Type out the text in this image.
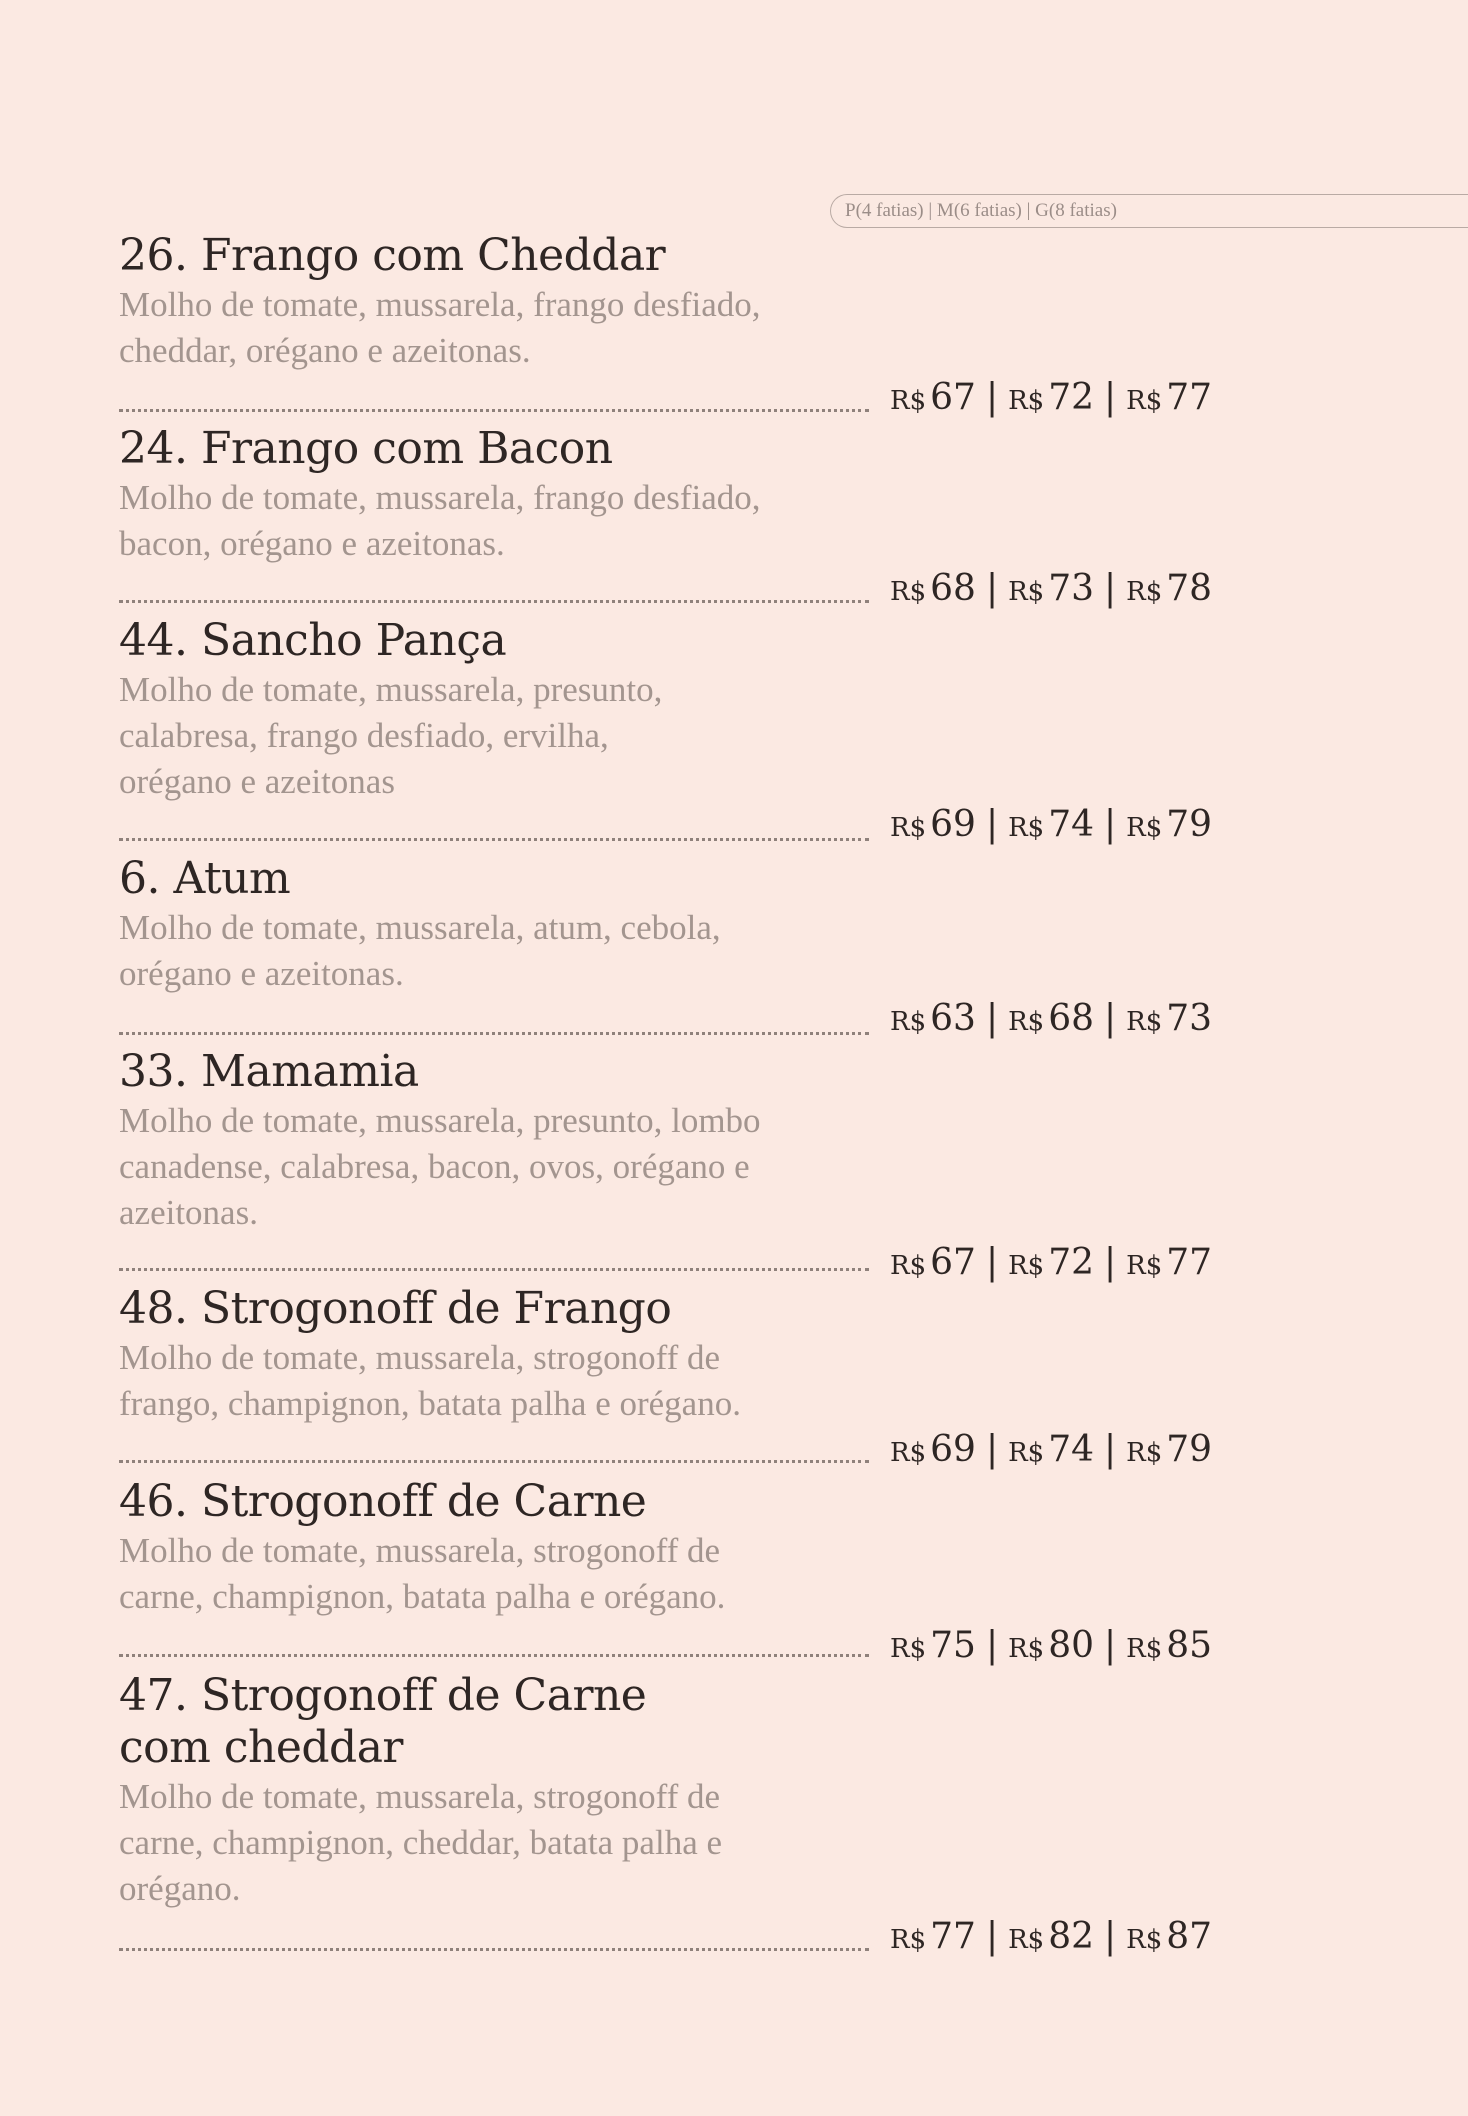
P(4 fatias) | M(6 fatias) | G(8 fatias)
26. Frango com Cheddar
Molho de tomate, mussarela, frango desfiado,
cheddar, orégano e azeitonas.
R$ 67 | R$ 72 | R$ 77
24. Frango com Bacon
Molho de tomate, mussarela, frango desfiado,
bacon, orégano e azeitonas.
R$ 68 | R$ 73 | R$ 78
44. Sancho Pança
Molho de tomate, mussarela, presunto,
calabresa, frango desfiado, ervilha,
orégano e azeitonas
R$ 69 | R$ 74 | R$ 79
6. Atum
Molho de tomate, mussarela, atum, cebola,
orégano e azeitonas.
R$ 63 | R$ 68 | R$ 73
33. Mamamia
Molho de tomate, mussarela, presunto, lombo
canadense, calabresa, bacon, ovos, orégano e
azeitonas.
R$ 67 | R$ 72 | R$ 77
48. Strogonoff de Frango
Molho de tomate, mussarela, strogonoff de
frango, champignon, batata palha e orégano.
R$ 69 | R$ 74 | R$ 79
46. Strogonoff de Carne
Molho de tomate, mussarela, strogonoff de
carne, champignon, batata palha e orégano.
R$ 75 | R$ 80 | R$ 85
47. Strogonoff de Carne
com cheddar
Molho de tomate, mussarela, strogonoff de
carne, champignon, cheddar, batata palha e
orégano.
R$ 77 | R$ 82 | R$ 87
